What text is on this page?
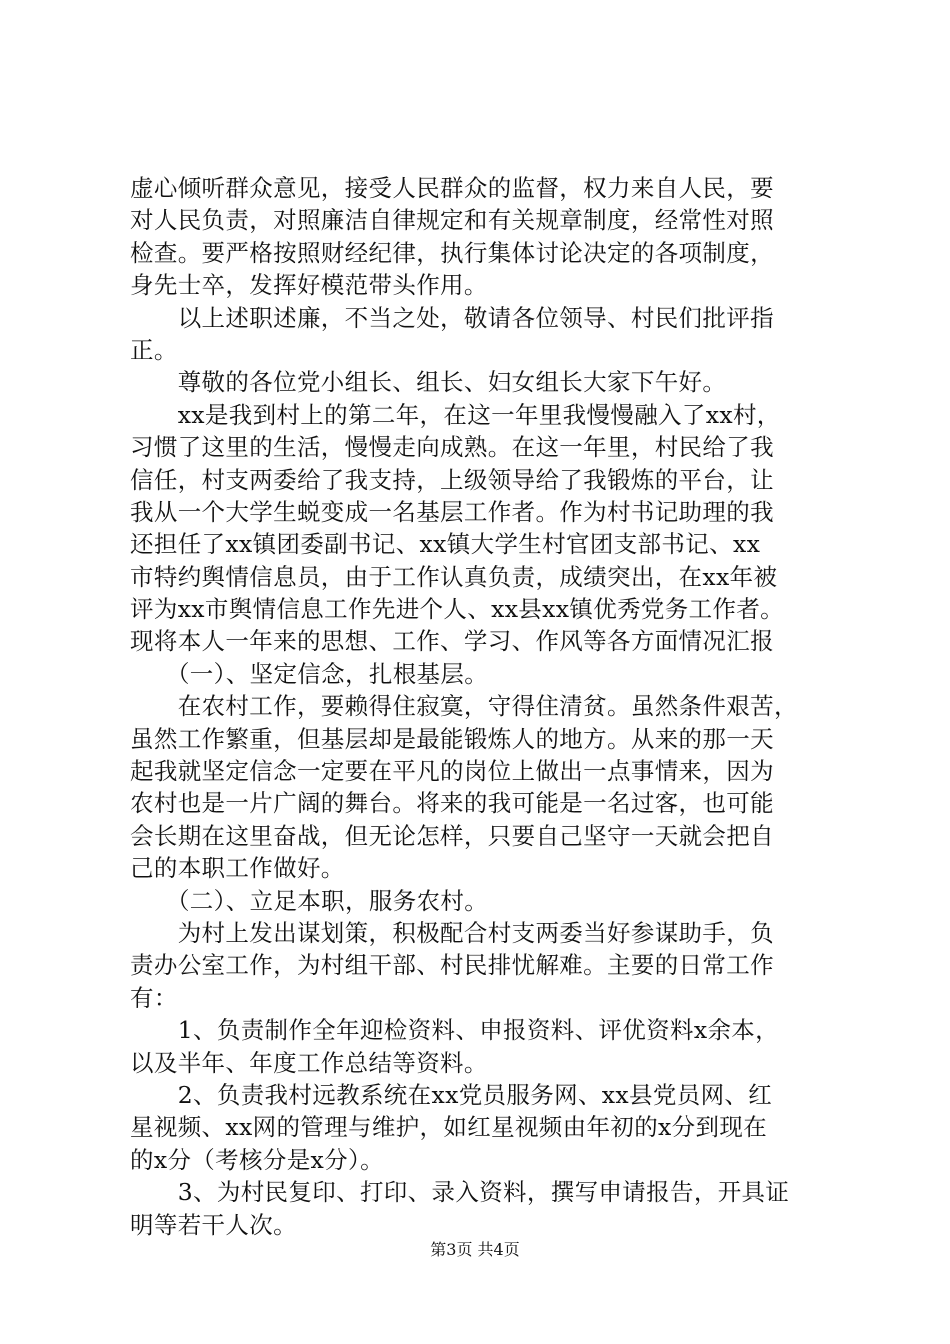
虚心倾听群众意见，接受人民群众的监督，权力来自人民，要
对人民负责，对照廉洁自律规定和有关规章制度，经常性对照
检查。要严格按照财经纪律，执行集体讨论决定的各项制度，
身先士卒，发挥好模范带头作用。
　　以上述职述廉，不当之处，敬请各位领导、村民们批评指
正。
　　尊敬的各位党小组长、组长、妇女组长大家下午好。
　　xx是我到村上的第二年，在这一年里我慢慢融入了xx村，
习惯了这里的生活，慢慢走向成熟。在这一年里，村民给了我
信任，村支两委给了我支持，上级领导给了我锻炼的平台，让
我从一个大学生蜕变成一名基层工作者。作为村书记助理的我
还担任了xx镇团委副书记、xx镇大学生村官团支部书记、xx
市特约舆情信息员，由于工作认真负责，成绩突出，在xx年被
评为xx市舆情信息工作先进个人、xx县xx镇优秀党务工作者。
现将本人一年来的思想、工作、学习、作风等各方面情况汇报
　　（一）、坚定信念，扎根基层。
　　在农村工作，要赖得住寂寞，守得住清贫。虽然条件艰苦，
虽然工作繁重，但基层却是最能锻炼人的地方。从来的那一天
起我就坚定信念一定要在平凡的岗位上做出一点事情来，因为
农村也是一片广阔的舞台。将来的我可能是一名过客，也可能
会长期在这里奋战，但无论怎样，只要自己坚守一天就会把自
己的本职工作做好。
　　（二）、立足本职，服务农村。
　　为村上发出谋划策，积极配合村支两委当好参谋助手，负
责办公室工作，为村组干部、村民排忧解难。主要的日常工作
有：
　　1、负责制作全年迎检资料、申报资料、评优资料x余本，
以及半年、年度工作总结等资料。
　　2、负责我村远教系统在xx党员服务网、xx县党员网、红
星视频、xx网的管理与维护，如红星视频由年初的x分到现在
的x分（考核分是x分）。
　　3、为村民复印、打印、录入资料，撰写申请报告，开具证
明等若干人次。
第3页 共4页
